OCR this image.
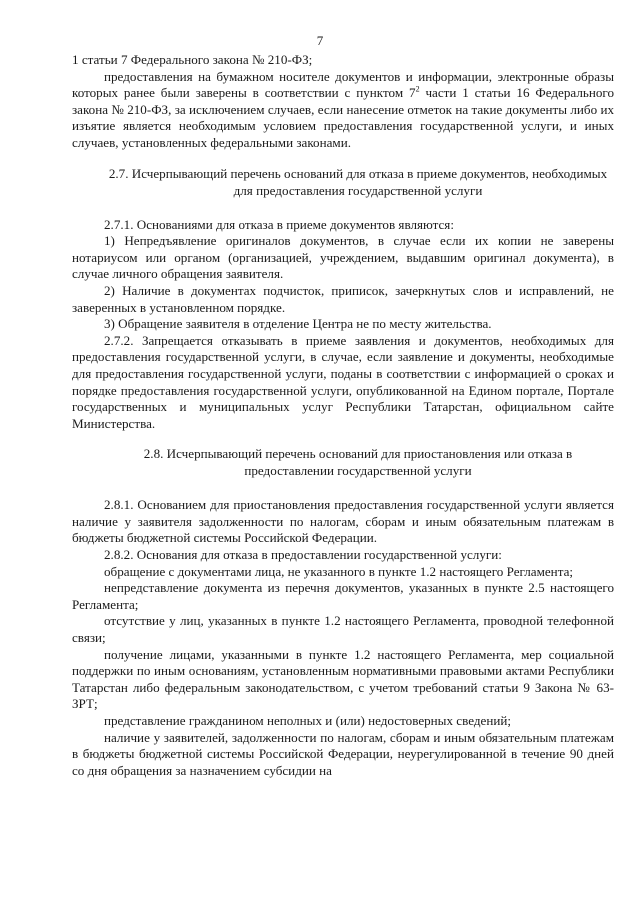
7

1 статьи 7 Федерального закона № 210-ФЗ;

предоставления на бумажном носителе документов и информации, электронные образы которых ранее были заверены в соответствии с пунктом $7^2$ части 1 статьи 16 Федерального закона № 210-ФЗ, за исключением случаев, если нанесение отметок на такие документы либо их изъятие является необходимым условием предоставления государственной услуги, и иных случаев, установленных федеральными законами.

2.7. Исчерпывающий перечень оснований для отказа в приеме документов, необходимых для предоставления государственной услуги

2.7.1. Основаниями для отказа в приеме документов являются:

1) Непредъявление оригиналов документов, в случае если их копии не заверены нотариусом или органом (организацией, учреждением, выдавшим оригинал документа), в случае личного обращения заявителя.

2) Наличие в документах подчисток, приписок, зачеркнутых слов и исправлений, не заверенных в установленном порядке.

3) Обращение заявителя в отделение Центра не по месту жительства.

2.7.2. Запрещается отказывать в приеме заявления и документов, необходимых для предоставления государственной услуги, в случае, если заявление и документы, необходимые для предоставления государственной услуги, поданы в соответствии с информацией о сроках и порядке предоставления государственной услуги, опубликованной на Едином портале, Портале государственных и муниципальных услуг Республики Татарстан, официальном сайте Министерства.

2.8. Исчерпывающий перечень оснований для приостановления или отказа в предоставлении государственной услуги

2.8.1. Основанием для приостановления предоставления государственной услуги является наличие у заявителя задолженности по налогам, сборам и иным обязательным платежам в бюджеты бюджетной системы Российской Федерации.

2.8.2. Основания для отказа в предоставлении государственной услуги:

обращение с документами лица, не указанного в пункте 1.2 настоящего Регламента;

непредставление документа из перечня документов, указанных в пункте 2.5 настоящего Регламента;

отсутствие у лиц, указанных в пункте 1.2 настоящего Регламента, проводной телефонной связи;

получение лицами, указанными в пункте 1.2 настоящего Регламента, мер социальной поддержки по иным основаниям, установленным нормативными правовыми актами Республики Татарстан либо федеральным законодательством, с учетом требований статьи 9 Закона № 63-ЗРТ;

представление гражданином неполных и (или) недостоверных сведений;

наличие у заявителей, задолженности по налогам, сборам и иным обязательным платежам в бюджеты бюджетной системы Российской Федерации, неурегулированной в течение 90 дней со дня обращения за назначением субсидии на
